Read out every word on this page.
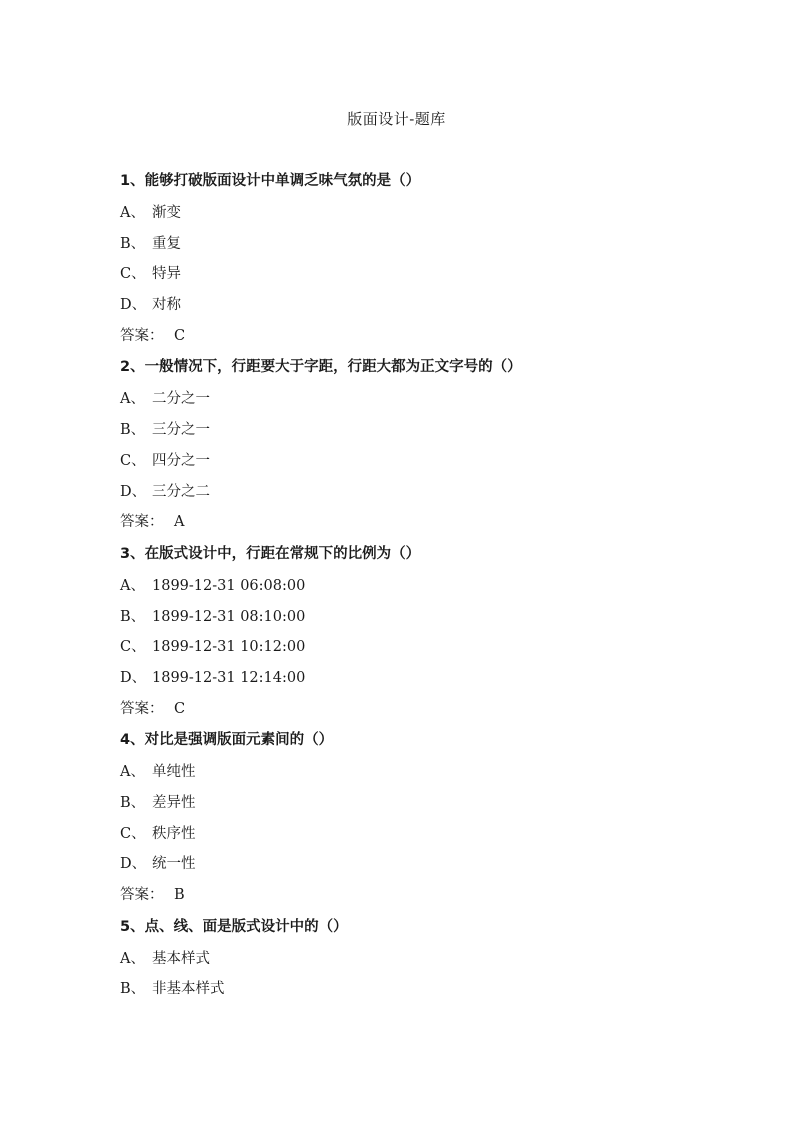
版面设计-题库
1、能够打破版面设计中单调乏味气氛的是（）
A、 渐变
B、 重复
C、 特异
D、 对称
答案： C
2、一般情况下，行距要大于字距，行距大都为正文字号的（）
A、 二分之一
B、 三分之一
C、 四分之一
D、 三分之二
答案： A
3、在版式设计中，行距在常规下的比例为（）
A、 1899-12-31 06:08:00
B、 1899-12-31 08:10:00
C、 1899-12-31 10:12:00
D、 1899-12-31 12:14:00
答案： C
4、对比是强调版面元素间的（）
A、 单纯性
B、 差异性
C、 秩序性
D、 统一性
答案： B
5、点、线、面是版式设计中的（）
A、 基本样式
B、 非基本样式
